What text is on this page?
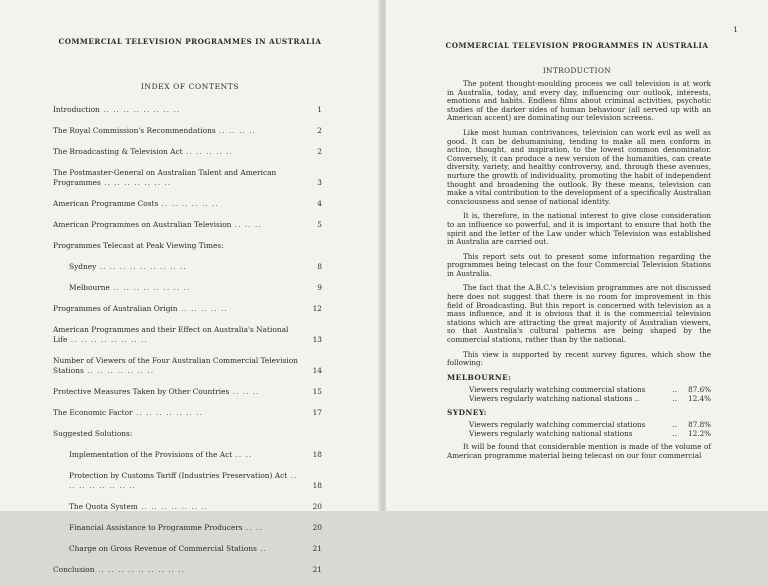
COMMERCIAL TELEVISION PROGRAMMES IN AUSTRALIA
INDEX OF CONTENTS
Introduction .. .. .. .. .. .. .. ..	1
The Royal Commission's Recommendations .. .. .. ..	2
The Broadcasting & Television Act .. .. .. .. ..	2
The Postmaster-General on Australian Talent and American Programmes .. .. .. .. .. .. ..	3
American Programme Costs .. .. .. .. .. ..	4
American Programmes on Australian Television .. .. ..	5
Programmes Telecast at Peak Viewing Times:
Sydney .. .. .. .. .. .. .. .. ..	8
Melbourne .. .. .. .. .. .. .. ..	9
Programmes of Australian Origin .. .. .. .. ..	12
American Programmes and their Effect on Australia's National Life .. .. .. .. .. .. .. ..	13
Number of Viewers of the Four Australian Commercial Television Stations .. .. .. .. .. .. ..	14
Protective Measures Taken by Other Countries .. .. ..	15
The Economic Factor .. .. .. .. .. .. ..	17
Suggested Solutions:
Implementation of the Provisions of the Act .. ..	18
Protection by Customs Tariff (Industries Preservation) Act .. .. .. .. .. .. .. ..	18
The Quota System .. .. .. .. .. .. ..	20
Financial Assistance to Programme Producers .. ..	20
Charge on Gross Revenue of Commercial Stations ..	21
Conclusion .. .. .. .. .. .. .. .. ..	21
1
COMMERCIAL TELEVISION PROGRAMMES IN AUSTRALIA
INTRODUCTION

The potent thought-moulding process we call television is at work in Australia, today, and every day, influencing our outlook, interests, emotions and habits. Endless films about criminal activities, psychotic studies of the darker sides of human behaviour (all served up with an American accent) are dominating our television screens.

Like most human contrivances, television can work evil as well as good. It can be dehumanising, tending to make all men conform in action, thought, and inspiration, to the lowest common denominator. Conversely, it can produce a new version of the humanities, can create diversity, variety, and healthy controversy, and, through these avenues, nurture the growth of individuality, promoting the habit of independent thought and broadening the outlook. By these means, television can make a vital contribution to the development of a specifically Australian consciousness and sense of national identity.

It is, therefore, in the national interest to give close consideration to an influence so powerful, and it is important to ensure that both the spirit and the letter of the Law under which Television was established in Australia are carried out.

This report sets out to present some information regarding the programmes being telecast on the four Commercial Television Stations in Australia.

The fact that the A.B.C.'s television programmes are not discussed here does not suggest that there is no room for improvement in this field of Broadcasting. But this report is concerned with television as a mass influence, and it is obvious that it is the commercial television stations which are attracting the great majority of Australian viewers, so that Australia's cultural patterns are being shaped by the commercial stations, rather than by the national.

This view is supported by recent survey figures, which show the following:

MELBOURNE:
Viewers regularly watching commercial stations	..	87.6%
Viewers regularly watching national stations ..	..	12.4%
SYDNEY:
Viewers regularly watching commercial stations	..	87.8%
Viewers regularly watching national stations	..	12.2%

It will be found that considerable mention is made of the volume of American programme material being telecast on our four commercial
